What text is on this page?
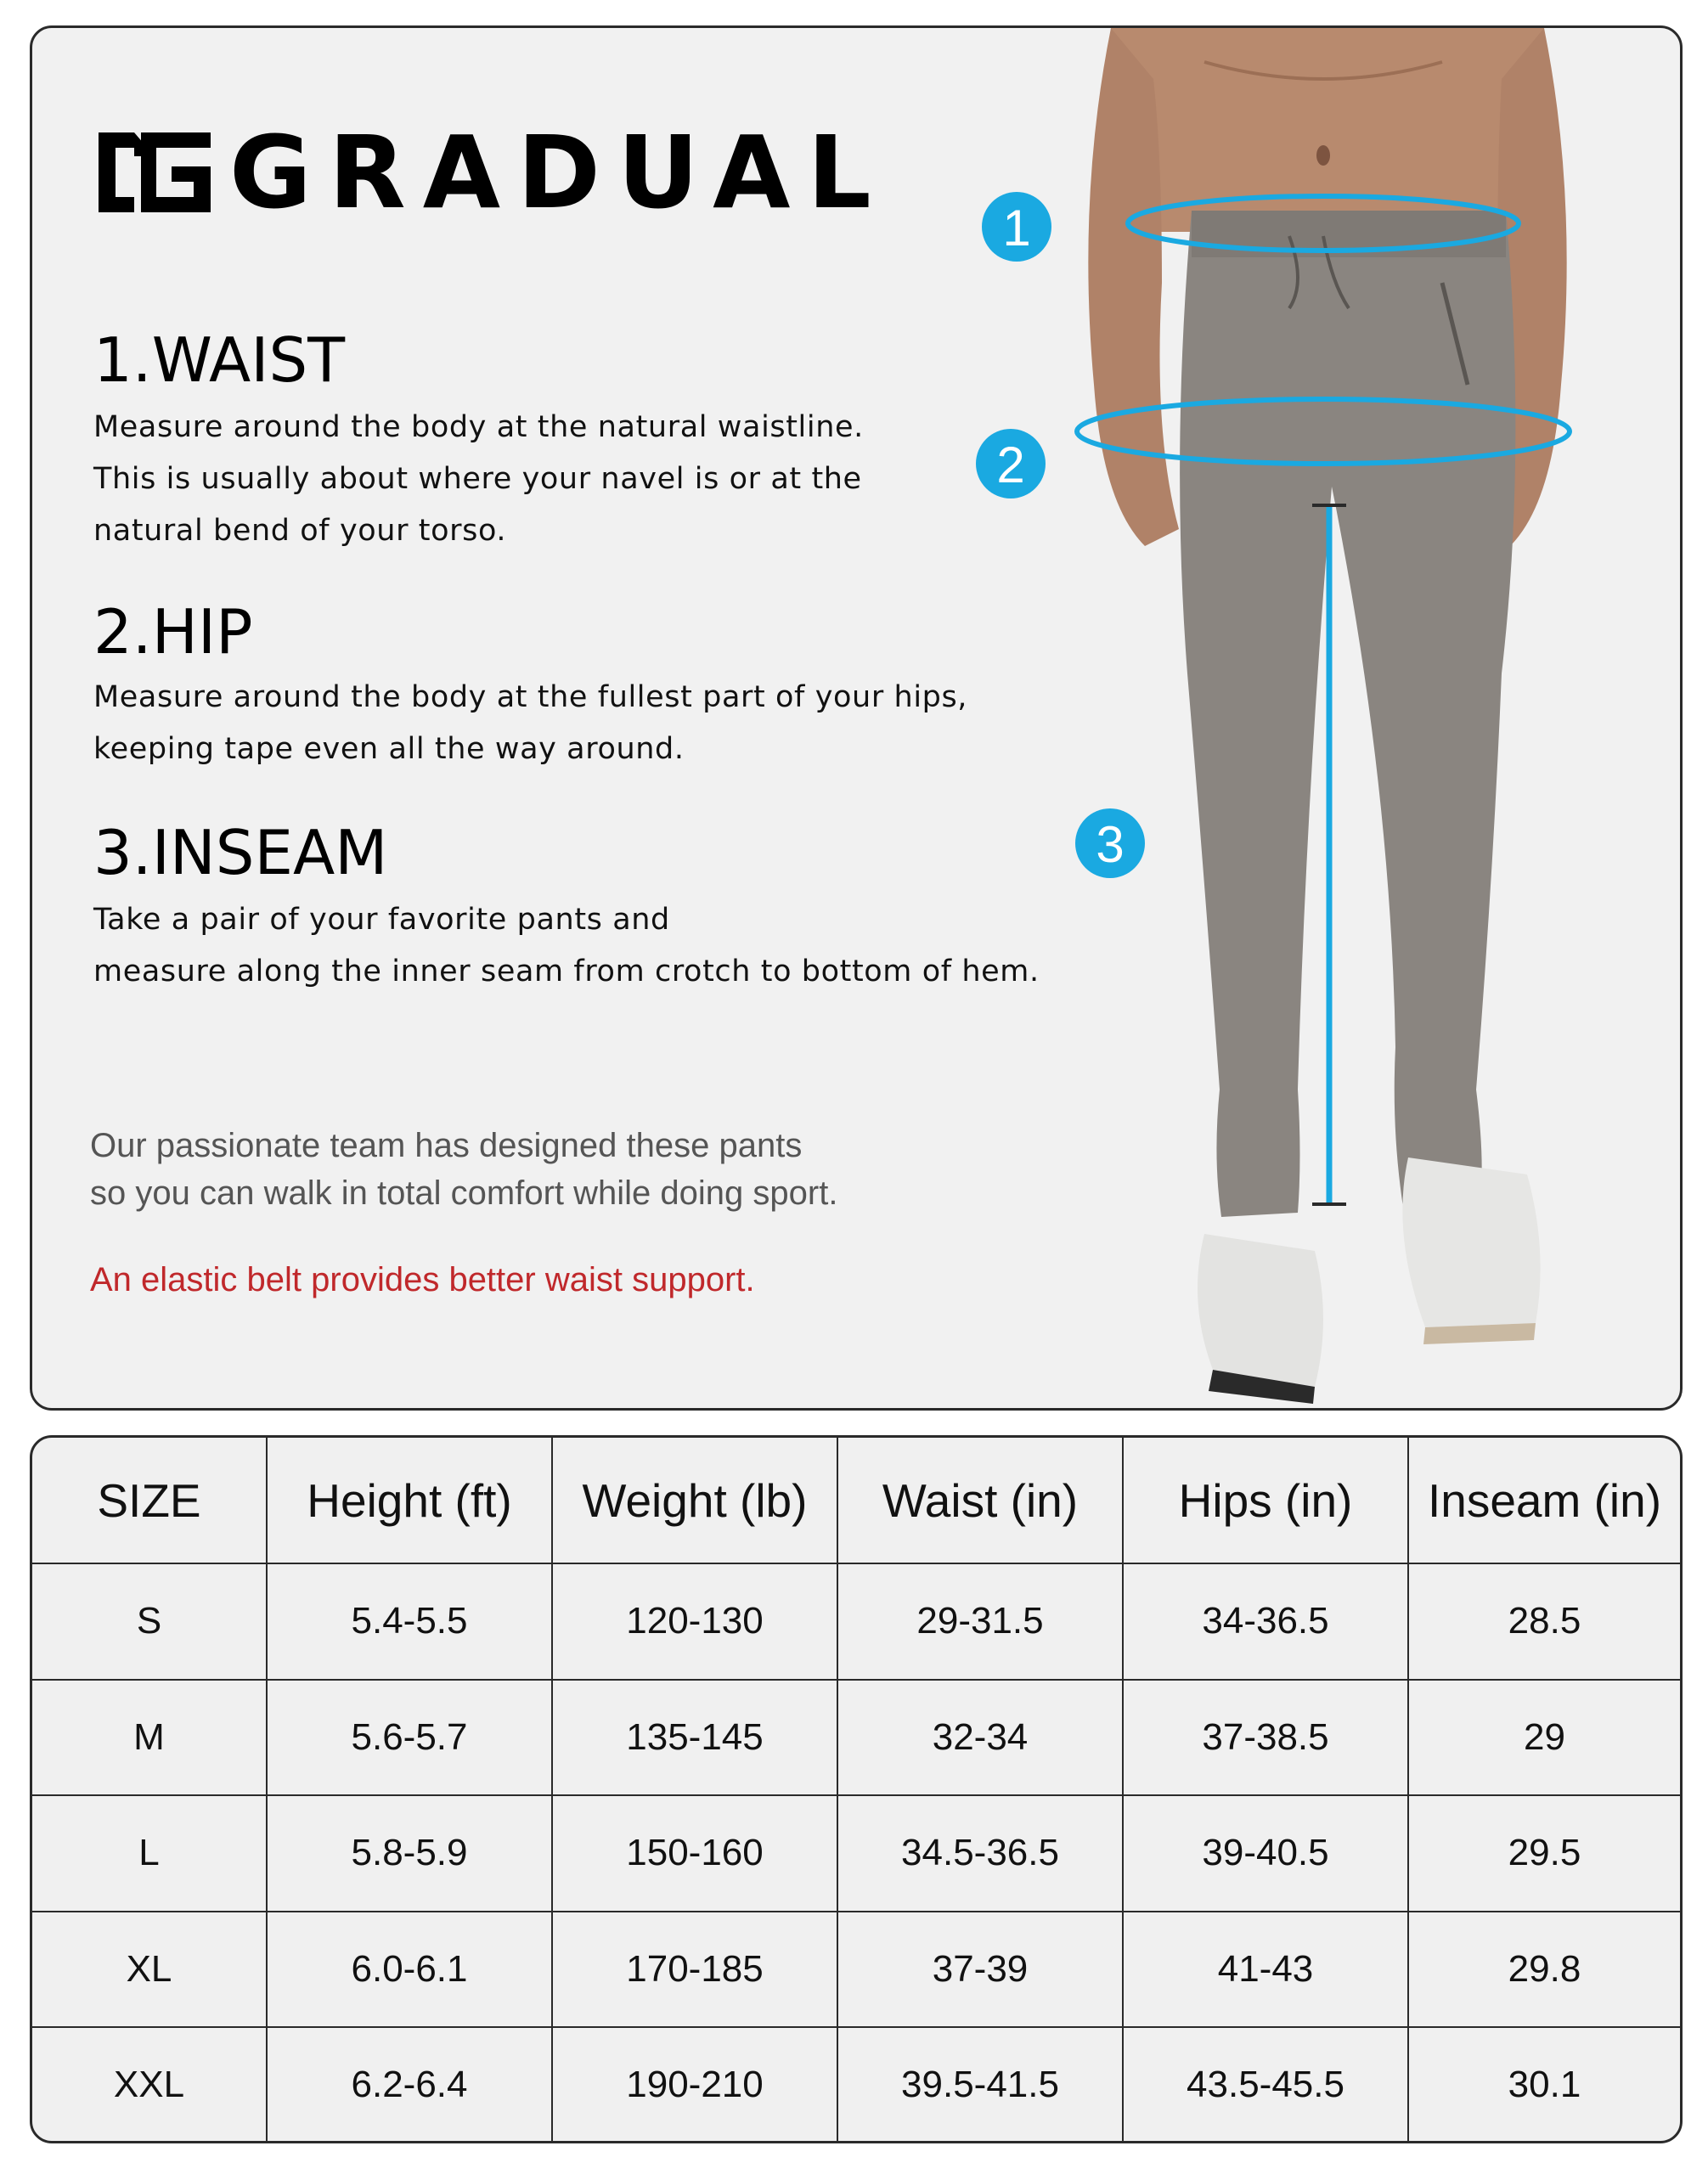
GRADUAL
1.WAIST
Measure around the body at the natural waistline.
This is usually about where your navel is or at the
natural bend of your torso.
2.HIP
Measure around the body at the fullest part of your hips,
keeping tape even all the way around.
3.INSEAM
Take a pair of your favorite pants and
measure along the inner seam from crotch to bottom of hem.
Our passionate team has designed these pants
so you can walk in total comfort while doing sport.
An elastic belt provides better waist support.
1
2
3
SIZE	Height (ft)	Weight (lb)	Waist (in)	Hips (in)	Inseam (in)
S	5.4-5.5	120-130	29-31.5	34-36.5	28.5
M	5.6-5.7	135-145	32-34	37-38.5	29
L	5.8-5.9	150-160	34.5-36.5	39-40.5	29.5
XL	6.0-6.1	170-185	37-39	41-43	29.8
XXL	6.2-6.4	190-210	39.5-41.5	43.5-45.5	30.1
